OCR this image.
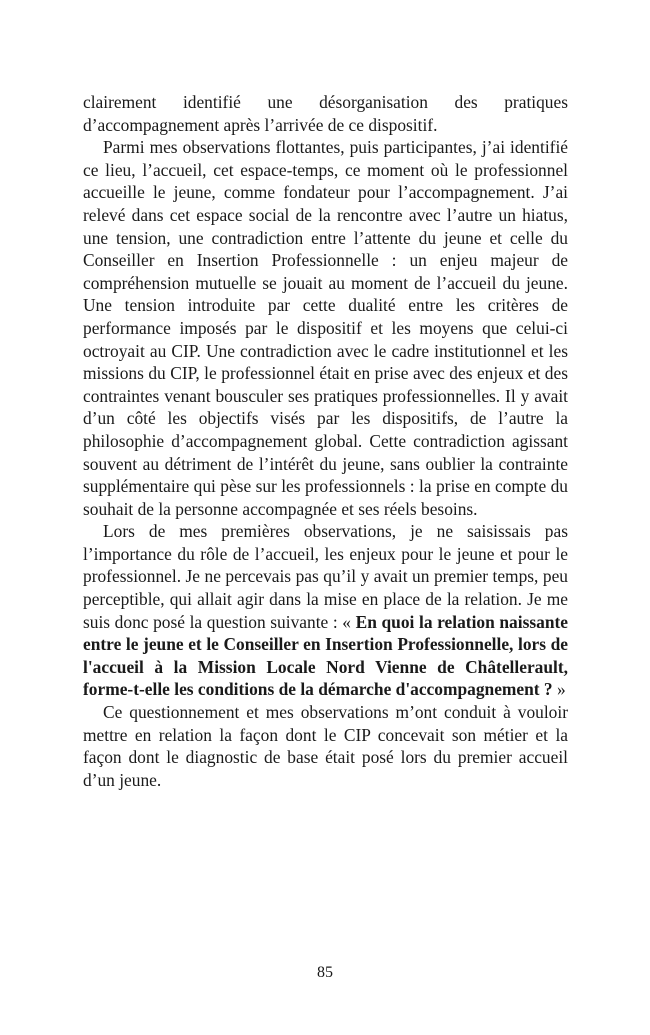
clairement identifié une désorganisation des pratiques d’accompagnement après l’arrivée de ce dispositif.

Parmi mes observations flottantes, puis participantes, j’ai identifié ce lieu, l’accueil, cet espace-temps, ce moment où le professionnel accueille le jeune, comme fondateur pour l’accompagnement. J’ai relevé dans cet espace social de la rencontre avec l’autre un hiatus, une tension, une contradiction entre l’attente du jeune et celle du Conseiller en Insertion Professionnelle : un enjeu majeur de compréhension mutuelle se jouait au moment de l’accueil du jeune. Une tension introduite par cette dualité entre les critères de performance imposés par le dispositif et les moyens que celui-ci octroyait au CIP. Une contradiction avec le cadre institutionnel et les missions du CIP, le professionnel était en prise avec des enjeux et des contraintes venant bousculer ses pratiques professionnelles. Il y avait d’un côté les objectifs visés par les dispositifs, de l’autre la philosophie d’accompagnement global. Cette contradiction agissant souvent au détriment de l’intérêt du jeune, sans oublier la contrainte supplémentaire qui pèse sur les professionnels : la prise en compte du souhait de la personne accompagnée et ses réels besoins.

Lors de mes premières observations, je ne saisissais pas l’importance du rôle de l’accueil, les enjeux pour le jeune et pour le professionnel. Je ne percevais pas qu’il y avait un premier temps, peu perceptible, qui allait agir dans la mise en place de la relation. Je me suis donc posé la question suivante : « En quoi la relation naissante entre le jeune et le Conseiller en Insertion Professionnelle, lors de l'accueil à la Mission Locale Nord Vienne de Châtellerault, forme-t-elle les conditions de la démarche d'accompagnement ? »

Ce questionnement et mes observations m’ont conduit à vouloir mettre en relation la façon dont le CIP concevait son métier et la façon dont le diagnostic de base était posé lors du premier accueil d’un jeune.

85
